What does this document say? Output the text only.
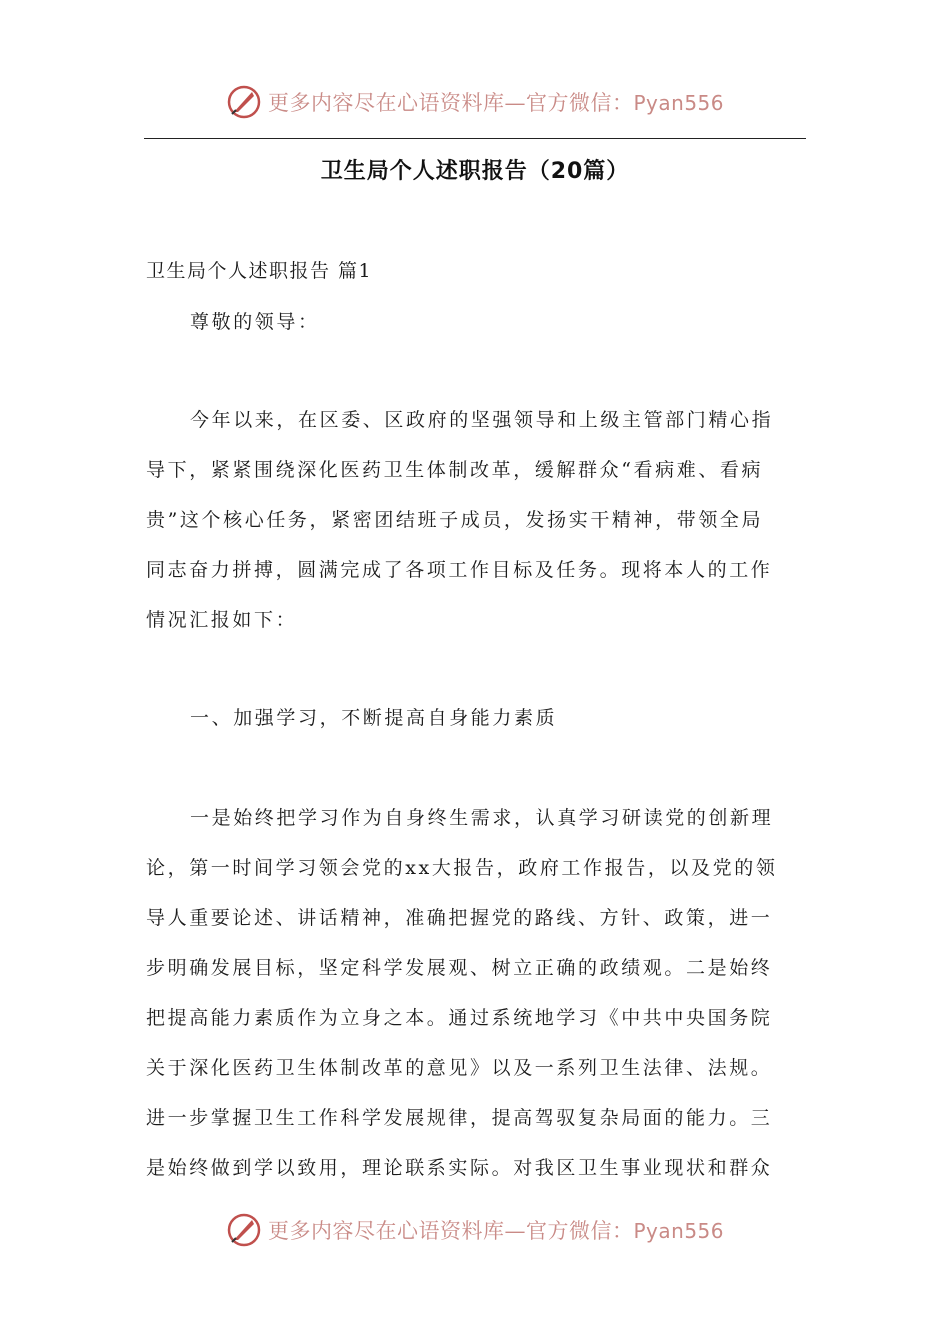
更多内容尽在心语资料库—官方微信：Pyan556
卫生局个人述职报告（20篇）
卫生局个人述职报告 篇1
尊敬的领导：
今年以来，在区委、区政府的坚强领导和上级主管部门精心指
导下，紧紧围绕深化医药卫生体制改革，缓解群众“看病难、看病
贵”这个核心任务，紧密团结班子成员，发扬实干精神，带领全局
同志奋力拼搏，圆满完成了各项工作目标及任务。现将本人的工作
情况汇报如下：
一、加强学习，不断提高自身能力素质
一是始终把学习作为自身终生需求，认真学习研读党的创新理
论，第一时间学习领会党的xx大报告，政府工作报告，以及党的领
导人重要论述、讲话精神，准确把握党的路线、方针、政策，进一
步明确发展目标，坚定科学发展观、树立正确的政绩观。二是始终
把提高能力素质作为立身之本。通过系统地学习《中共中央国务院
关于深化医药卫生体制改革的意见》以及一系列卫生法律、法规。
进一步掌握卫生工作科学发展规律，提高驾驭复杂局面的能力。三
是始终做到学以致用，理论联系实际。对我区卫生事业现状和群众
更多内容尽在心语资料库—官方微信：Pyan556
